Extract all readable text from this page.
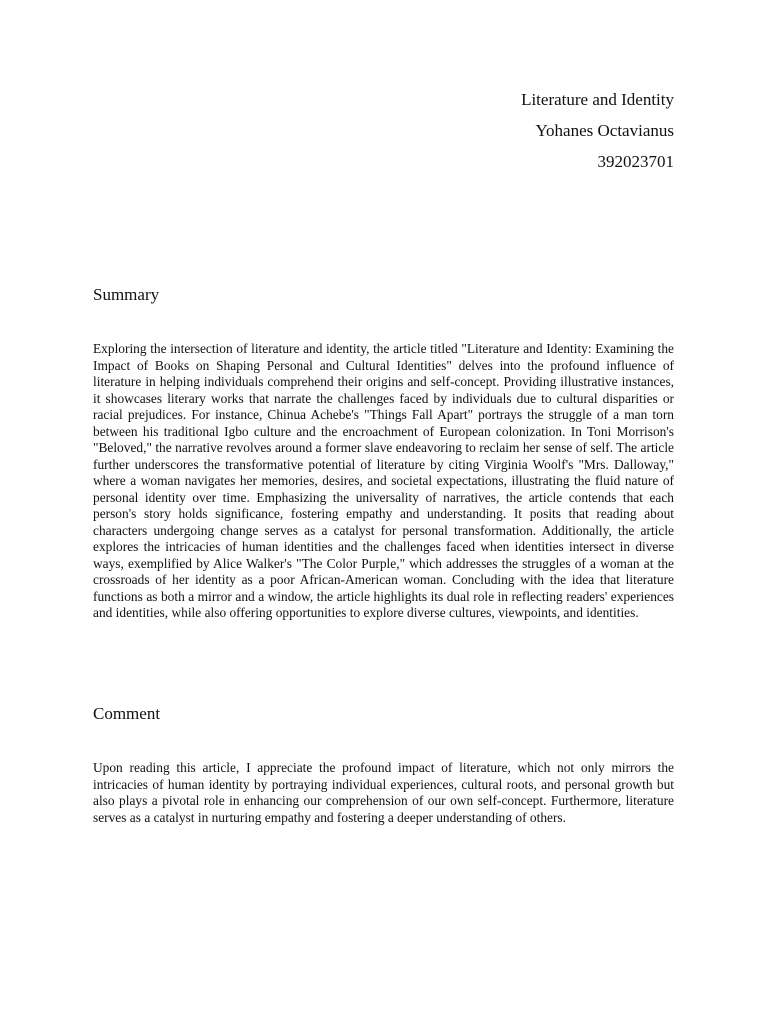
Literature and Identity
Yohanes Octavianus
392023701
Summary

Exploring the intersection of literature and identity, the article titled "Literature and Identity: Examining the Impact of Books on Shaping Personal and Cultural Identities" delves into the profound influence of literature in helping individuals comprehend their origins and self-concept. Providing illustrative instances, it showcases literary works that narrate the challenges faced by individuals due to cultural disparities or racial prejudices. For instance, Chinua Achebe's "Things Fall Apart" portrays the struggle of a man torn between his traditional Igbo culture and the encroachment of European colonization. In Toni Morrison's "Beloved," the narrative revolves around a former slave endeavoring to reclaim her sense of self. The article further underscores the transformative potential of literature by citing Virginia Woolf's "Mrs. Dalloway," where a woman navigates her memories, desires, and societal expectations, illustrating the fluid nature of personal identity over time. Emphasizing the universality of narratives, the article contends that each person's story holds significance, fostering empathy and understanding. It posits that reading about characters undergoing change serves as a catalyst for personal transformation. Additionally, the article explores the intricacies of human identities and the challenges faced when identities intersect in diverse ways, exemplified by Alice Walker's "The Color Purple," which addresses the struggles of a woman at the crossroads of her identity as a poor African-American woman. Concluding with the idea that literature functions as both a mirror and a window, the article highlights its dual role in reflecting readers' experiences and identities, while also offering opportunities to explore diverse cultures, viewpoints, and identities.

Comment

Upon reading this article, I appreciate the profound impact of literature, which not only mirrors the intricacies of human identity by portraying individual experiences, cultural roots, and personal growth but also plays a pivotal role in enhancing our comprehension of our own self-concept. Furthermore, literature serves as a catalyst in nurturing empathy and fostering a deeper understanding of others.
